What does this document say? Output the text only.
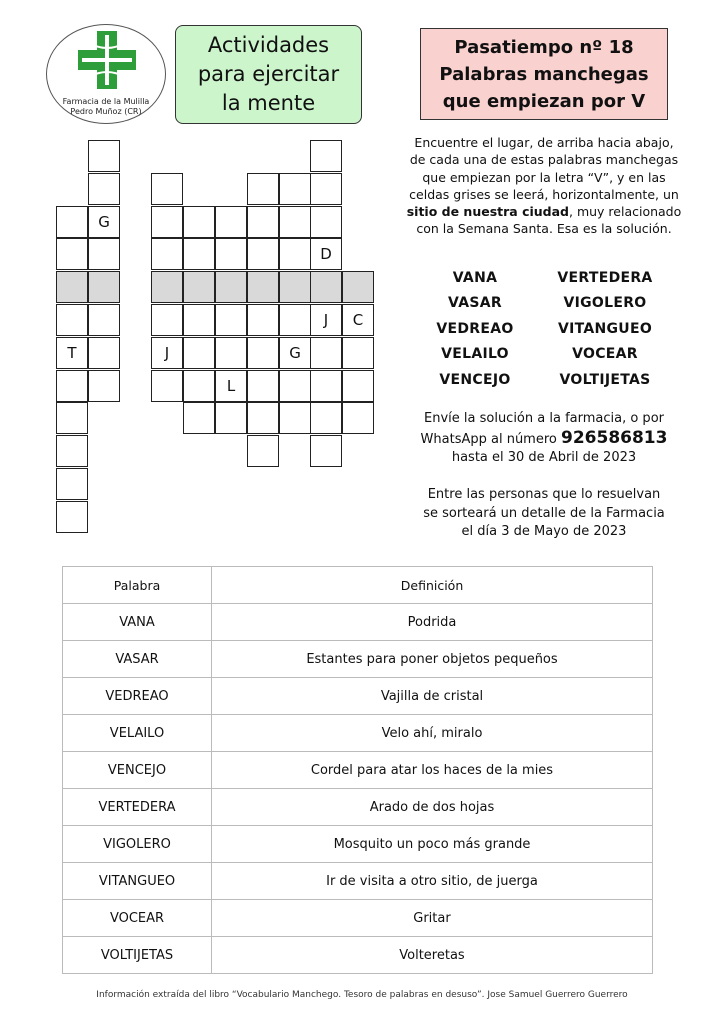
Farmacia de la Mulilla
Pedro Muñoz (CR)
Actividades
para ejercitar
la mente
Pasatiempo nº 18
Palabras manchegas
que empiezan por V
Encuentre el lugar, de arriba hacia abajo, de cada una de estas palabras manchegas que empiezan por la letra “V”, y en las celdas grises se leerá, horizontalmente, un sitio de nuestra ciudad, muy relacionado con la Semana Santa. Esa es la solución.
VANA
VASAR
VEDREAO
VELAILO
VENCEJO
VERTEDERA
VIGOLERO
VITANGUEO
VOCEAR
VOLTIJETAS
Envíe la solución a la farmacia, o por
WhatsApp al número 926586813
hasta el 30 de Abril de 2023
Entre las personas que lo resuelvan
se sorteará un detalle de la Farmacia
el día 3 de Mayo de 2023
T
G
J
L
G
D
J	C
Palabra	Definición
VANA	Podrida
VASAR	Estantes para poner objetos pequeños
VEDREAO	Vajilla de cristal
VELAILO	Velo ahí, miralo
VENCEJO	Cordel para atar los haces de la mies
VERTEDERA	Arado de dos hojas
VIGOLERO	Mosquito un poco más grande
VITANGUEO	Ir de visita a otro sitio, de juerga
VOCEAR	Gritar
VOLTIJETAS	Volteretas
Información extraída del libro “Vocabulario Manchego. Tesoro de palabras en desuso”. Jose Samuel Guerrero Guerrero
